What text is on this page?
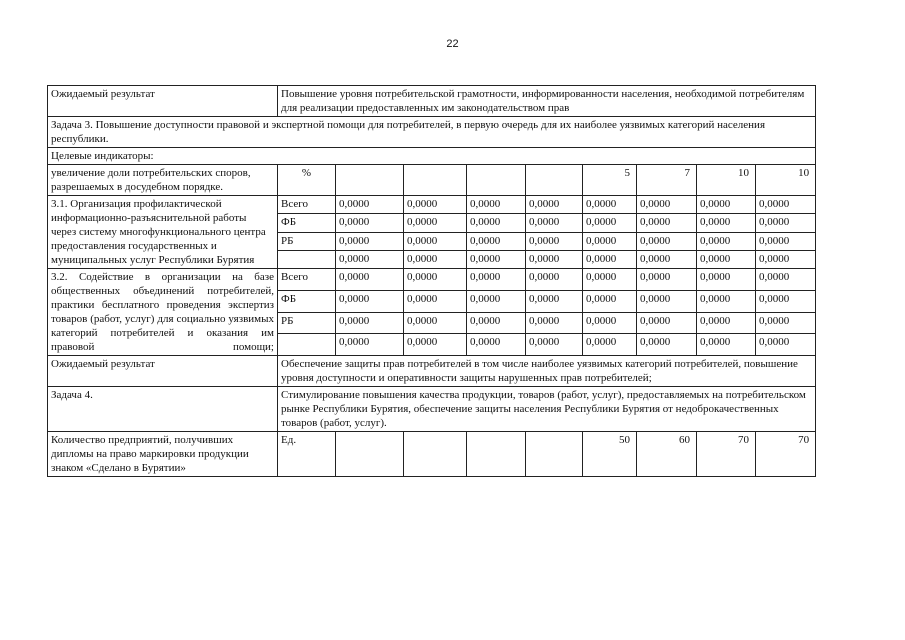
22
Ожидаемый результат	Повышение уровня потребительской грамотности, информированности населения, необходимой потребителям для реализации предоставленных им законодательством прав								
Задача 3. Повышение доступности правовой и экспертной помощи для потребителей, в первую очередь для их наиболее уязвимых категорий населения республики.									
Целевые индикаторы:									
увеличение доли потребительских споров, разрешаемых в досудебном порядке.	%					5	7	10	10
3.1. Организация профилактической информационно-разъяснительной работы через систему многофункционального центра предоставления государственных и муниципальных услуг Республики Бурятия	Всего	0,0000	0,0000	0,0000	0,0000	0,0000	0,0000	0,0000	0,0000
	ФБ	0,0000	0,0000	0,0000	0,0000	0,0000	0,0000	0,0000	0,0000
	РБ	0,0000	0,0000	0,0000	0,0000	0,0000	0,0000	0,0000	0,0000
		0,0000	0,0000	0,0000	0,0000	0,0000	0,0000	0,0000	0,0000
3.2. Содействие в организации на базе общественных объединений потребителей, практики бесплатного проведения экспертиз товаров (работ, услуг) для социально уязвимых категорий потребителей и оказания им правовой помощи;	Всего	0,0000	0,0000	0,0000	0,0000	0,0000	0,0000	0,0000	0,0000
	ФБ	0,0000	0,0000	0,0000	0,0000	0,0000	0,0000	0,0000	0,0000
	РБ	0,0000	0,0000	0,0000	0,0000	0,0000	0,0000	0,0000	0,0000
		0,0000	0,0000	0,0000	0,0000	0,0000	0,0000	0,0000	0,0000
Ожидаемый результат	Обеспечение защиты прав потребителей в том числе наиболее уязвимых категорий потребителей, повышение уровня доступности и оперативности защиты нарушенных прав потребителей;								
Задача 4.	Стимулирование повышения качества продукции, товаров (работ, услуг), предоставляемых на потребительском рынке Республики Бурятия, обеспечение защиты населения Республики Бурятия от недоброкачественных товаров (работ, услуг).								
Количество предприятий, получивших дипломы на право маркировки продукции знаком «Сделано в Бурятии»	Ед.					50	60	70	70
